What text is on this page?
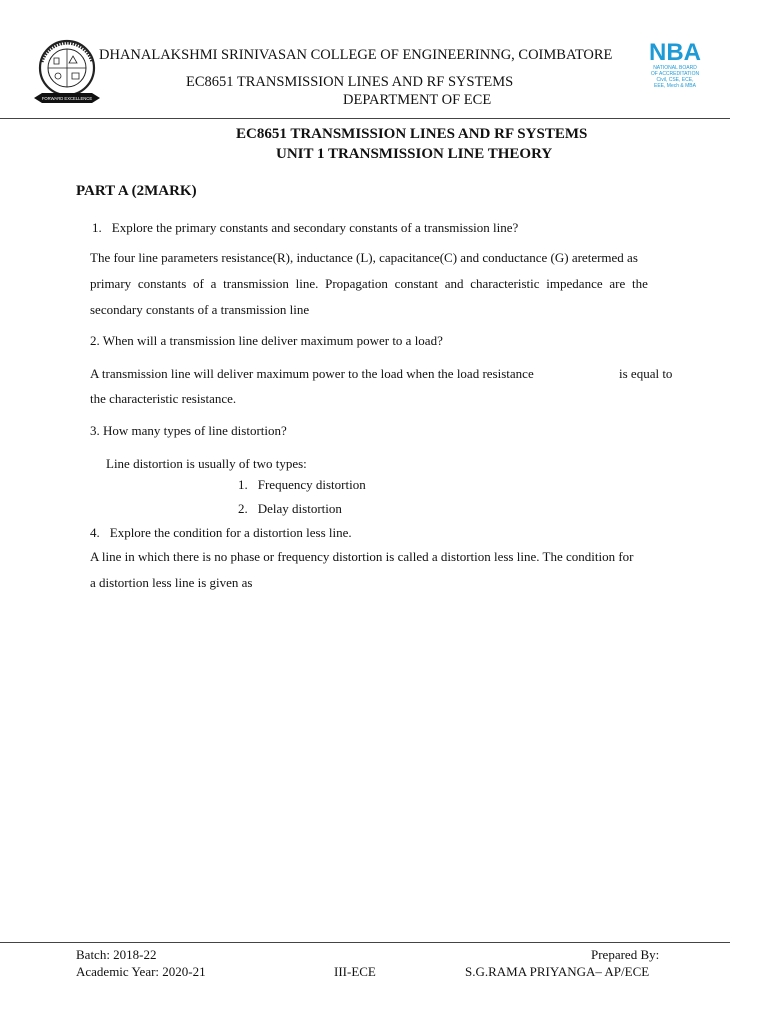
FORWARD EXCELLENCE
DHANALAKSHMI SRINIVASAN COLLEGE OF ENGINEERINNG, COIMBATORE
EC8651 TRANSMISSION LINES AND RF SYSTEMS
DEPARTMENT OF ECE
NBA
NATIONAL BOARD
OF ACCREDITATION
Civil, CSE, ECE,
EEE, Mech & MBA
EC8651 TRANSMISSION LINES AND RF SYSTEMS
UNIT 1 TRANSMISSION LINE THEORY
PART A (2MARK)
1. Explore the primary constants and secondary constants of a transmission line?
The four line parameters resistance(R), inductance (L), capacitance(C) and conductance (G) aretermed as
primary constants of a transmission line. Propagation constant and characteristic impedance are the
secondary constants of a transmission line
2. When will a transmission line deliver maximum power to a load?
A transmission line will deliver maximum power to the load when the load resistance	is equal to
the characteristic resistance.
3. How many types of line distortion?
Line distortion is usually of two types:
1. Frequency distortion
2. Delay distortion
4. Explore the condition for a distortion less line.
A line in which there is no phase or frequency distortion is called a distortion less line. The condition for
a distortion less line is given as
Batch: 2018-22
Academic Year: 2020-21	III-ECE
Prepared By:
S.G.RAMA PRIYANGA– AP/ECE
